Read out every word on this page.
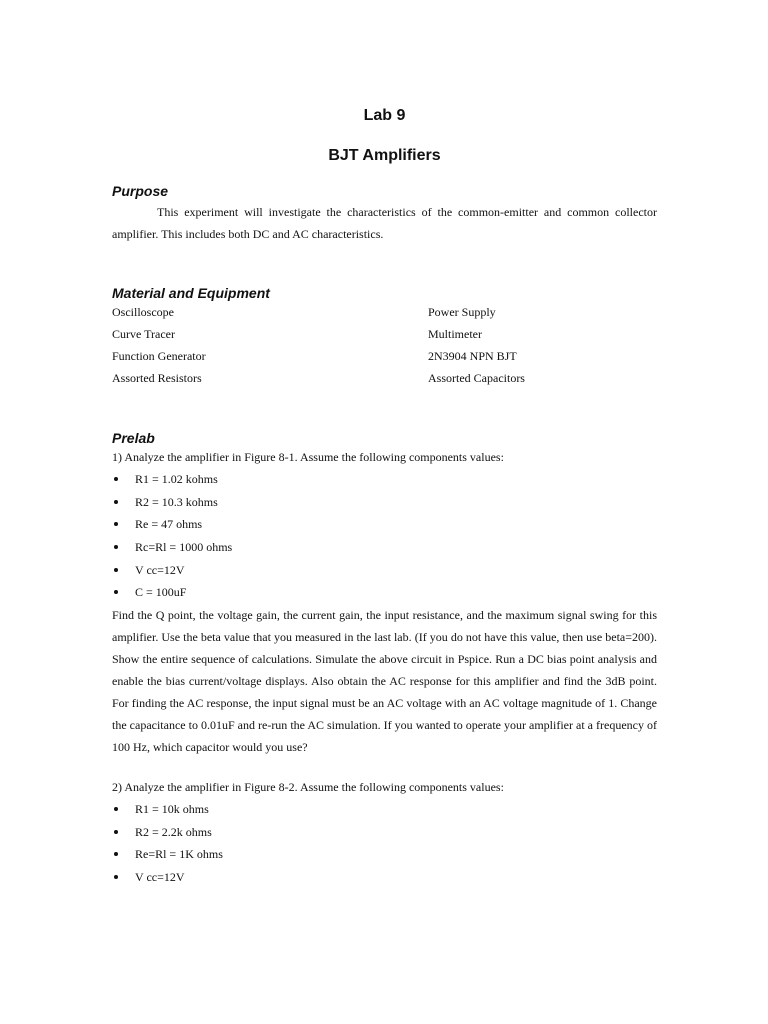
Lab 9
BJT Amplifiers
Purpose

This experiment will investigate the characteristics of the common-emitter and common collector amplifier. This includes both DC and AC characteristics.

Material and Equipment
Oscilloscope	Power Supply
Curve Tracer	Multimeter
Function Generator	2N3904 NPN BJT
Assorted Resistors	Assorted Capacitors
Prelab

1) Analyze the amplifier in Figure 8-1. Assume the following components values:

R1 = 1.02 kohms
R2 = 10.3 kohms
Re = 47 ohms
Rc=Rl = 1000 ohms
V cc=12V
C = 100uF

Find the Q point, the voltage gain, the current gain, the input resistance, and the maximum signal swing for this amplifier. Use the beta value that you measured in the last lab. (If you do not have this value, then use beta=200). Show the entire sequence of calculations. Simulate the above circuit in Pspice. Run a DC bias point analysis and enable the bias current/voltage displays. Also obtain the AC response for this amplifier and find the 3dB point. For finding the AC response, the input signal must be an AC voltage with an AC voltage magnitude of 1. Change the capacitance to 0.01uF and re-run the AC simulation. If you wanted to operate your amplifier at a frequency of 100 Hz, which capacitor would you use?

2) Analyze the amplifier in Figure 8-2. Assume the following components values:

R1 = 10k ohms
R2 = 2.2k ohms
Re=Rl = 1K ohms
V cc=12V
